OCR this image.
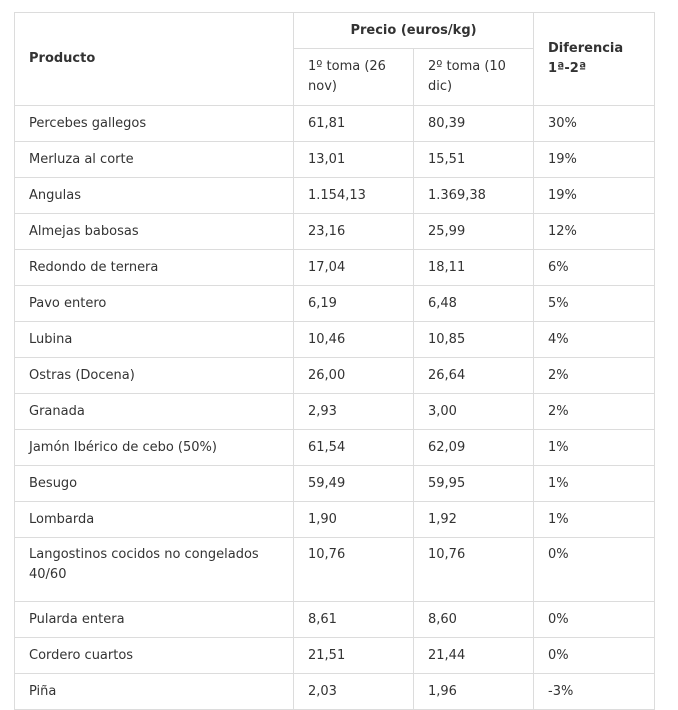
Producto	Precio (euros/kg)		Diferencia 1ª-2ª
	1º toma (26 nov)	2º toma (10 dic)	
Percebes gallegos	61,81	80,39	30%
Merluza al corte	13,01	15,51	19%
Angulas	1.154,13	1.369,38	19%
Almejas babosas	23,16	25,99	12%
Redondo de ternera	17,04	18,11	6%
Pavo entero	6,19	6,48	5%
Lubina	10,46	10,85	4%
Ostras (Docena)	26,00	26,64	2%
Granada	2,93	3,00	2%
Jamón Ibérico de cebo (50%)	61,54	62,09	1%
Besugo	59,49	59,95	1%
Lombarda	1,90	1,92	1%
Langostinos cocidos no congelados 40/60	10,76	10,76	0%
Pularda entera	8,61	8,60	0%
Cordero cuartos	21,51	21,44	0%
Piña	2,03	1,96	-3%
